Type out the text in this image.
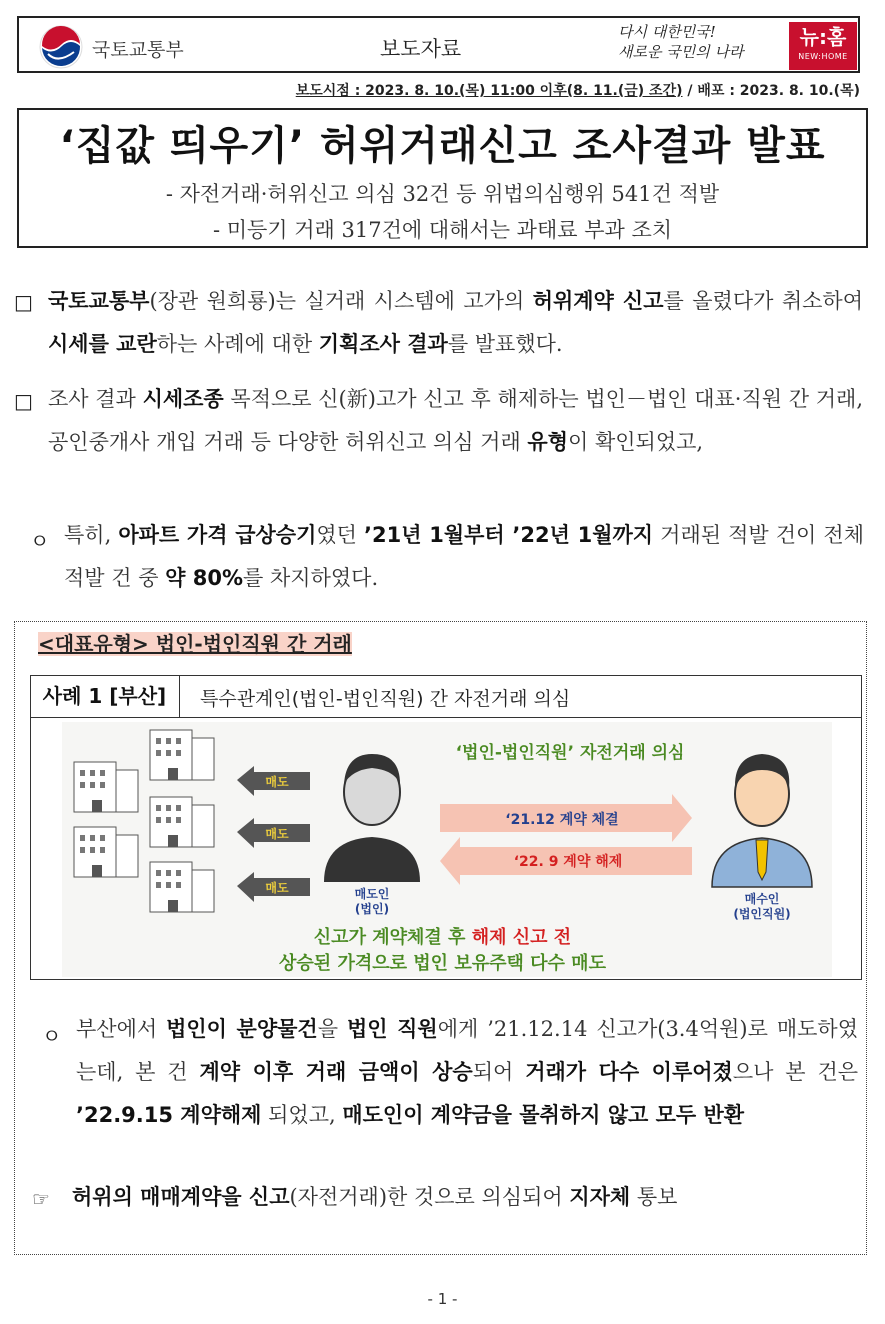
국토교통부	보도자료
다시 대한민국!
새로운 국민의 나라
뉴:홈
NEW:HOME
보도시점 : 2023. 8. 10.(목) 11:00 이후(8. 11.(금) 조간) / 배포 : 2023. 8. 10.(목)
‘집값 띄우기’ 허위거래신고 조사결과 발표
- 자전거래·허위신고 의심 32건 등 위법의심행위 541건 적발
- 미등기 거래 317건에 대해서는 과태료 부과 조치
□ 국토교통부(장관 원희룡)는 실거래 시스템에 고가의 허위계약 신고를 올렸다가 취소하여 시세를 교란하는 사례에 대한 기획조사 결과를 발표했다.
□ 조사 결과 시세조종 목적으로 신(新)고가 신고 후 해제하는 법인－법인 대표·직원 간 거래, 공인중개사 개입 거래 등 다양한 허위신고 의심 거래 유형이 확인되었고,
ㅇ 특히, 아파트 가격 급상승기였던 ’21년 1월부터 ’22년 1월까지 거래된 적발 건이 전체 적발 건 중 약 80%를 차지하였다.
<대표유형> 법인-법인직원 간 거래
사례 1 [부산]	특수관계인(법인-법인직원) 간 자전거래 의심
매도
매도
매도	매도인
(법인)
‘법인-법인직원’ 자전거래 의심
‘21.12 계약 체결
‘22. 9 계약 해제
매수인
(법인직원)
신고가 계약체결 후 해제 신고 전
상승된 가격으로 법인 보유주택 다수 매도
ㅇ 부산에서 법인이 분양물건을 법인 직원에게 ’21.12.14 신고가(3.4억원)로 매도하였는데, 본 건 계약 이후 거래 금액이 상승되어 거래가 다수 이루어졌으나 본 건은 ’22.9.15 계약해제 되었고, 매도인이 계약금을 몰취하지 않고 모두 반환
☞ 허위의 매매계약을 신고(자전거래)한 것으로 의심되어 지자체 통보
- 1 -
